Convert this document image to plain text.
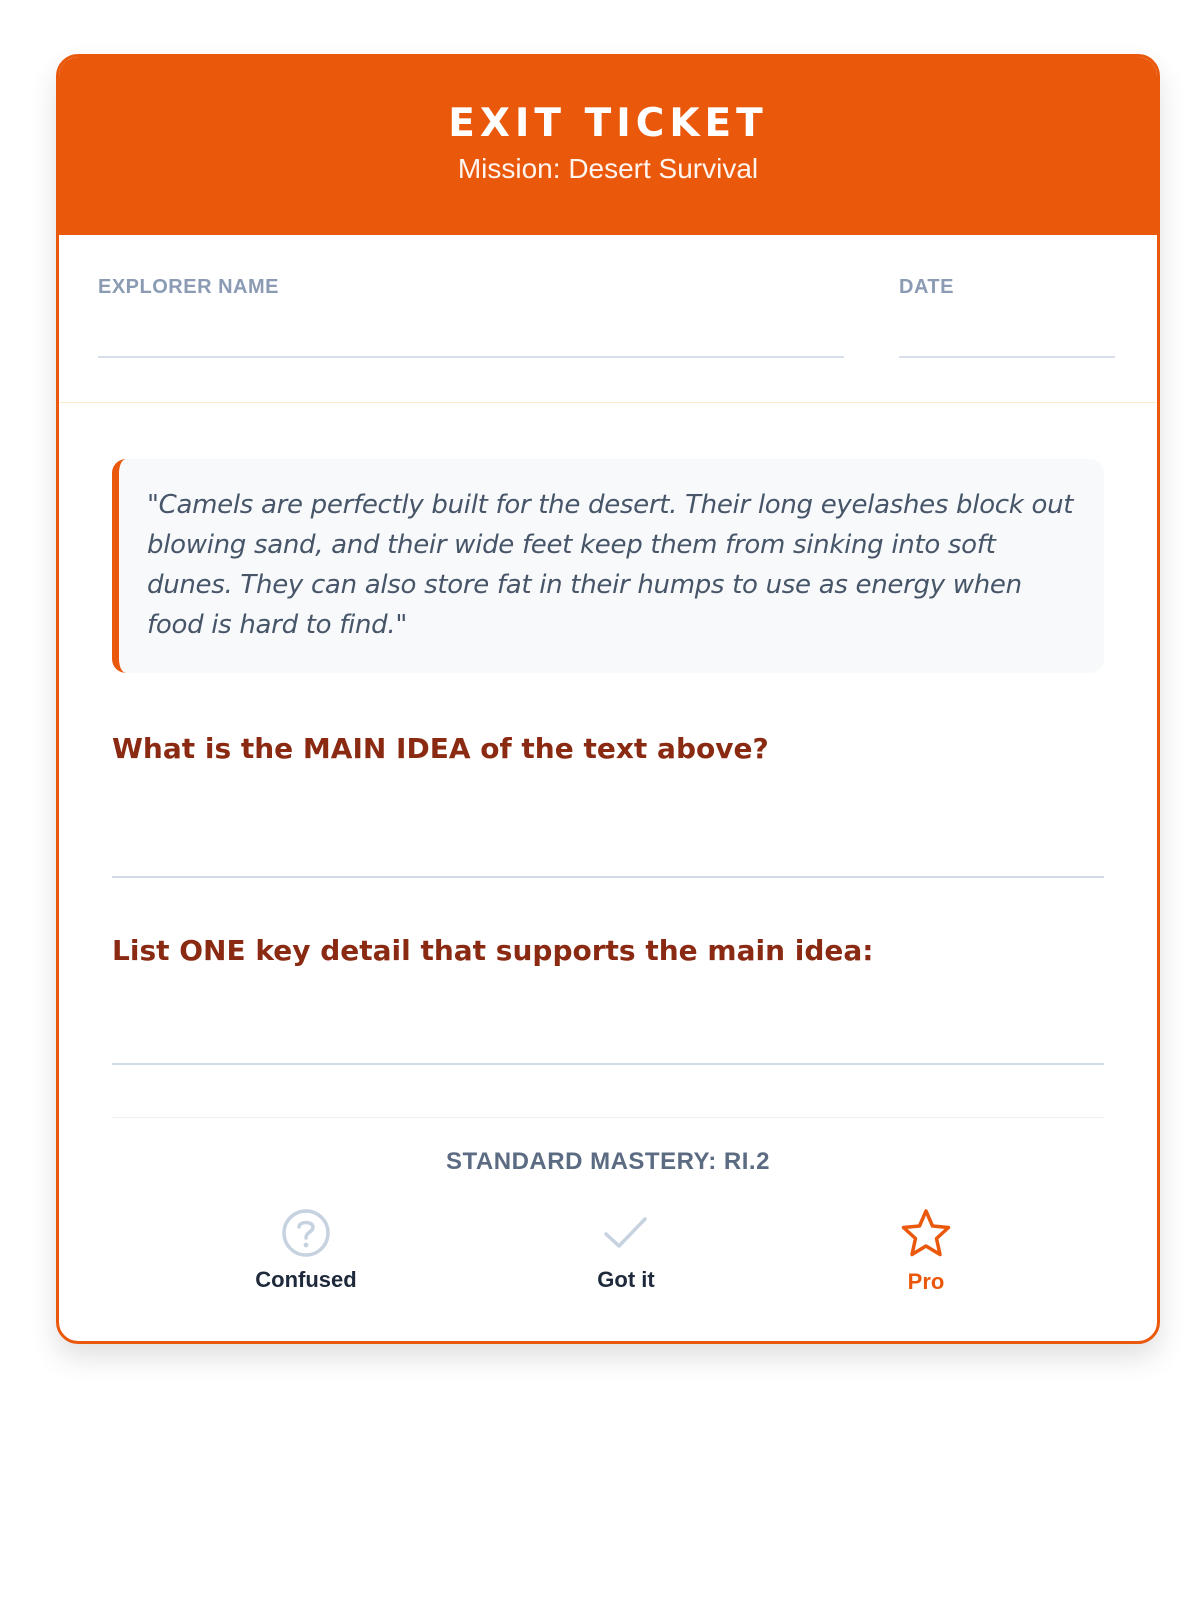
EXIT TICKET
Mission: Desert Survival
EXPLORER NAME	DATE

"Camels are perfectly built for the desert. Their long eyelashes block out blowing sand, and their wide feet keep them from sinking into soft dunes. They can also store fat in their humps to use as energy when food is hard to find."

What is the MAIN IDEA of the text above?
List ONE key detail that supports the main idea:
STANDARD MASTERY: RI.2
Confused	Got it	Pro
